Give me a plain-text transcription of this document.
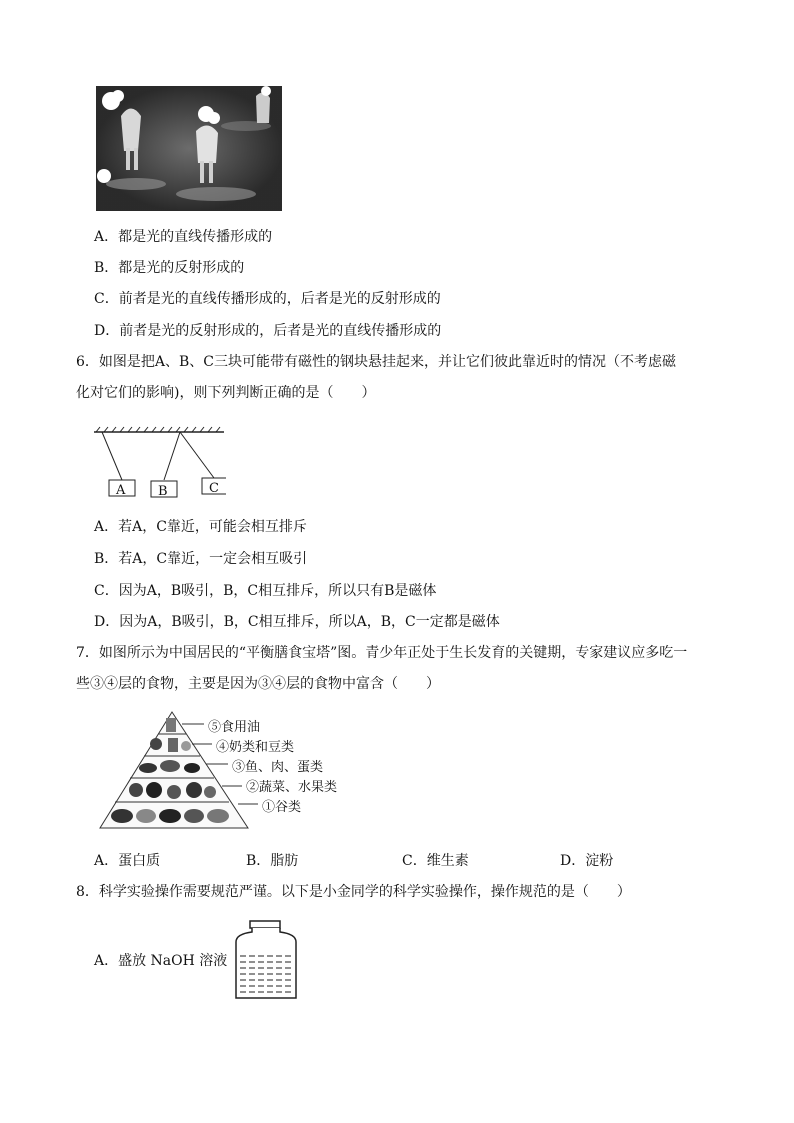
A．都是光的直线传播形成的
B．都是光的反射形成的
C．前者是光的直线传播形成的，后者是光的反射形成的
D．前者是光的反射形成的，后者是光的直线传播形成的
6．如图是把A、B、C三块可能带有磁性的钢块悬挂起来，并让它们彼此靠近时的情况（不考虑磁
化对它们的影响)，则下列判断正确的是（　　）
A	B	C
A．若A，C靠近，可能会相互排斥
B．若A，C靠近，一定会相互吸引
C．因为A，B吸引，B，C相互排斥，所以只有B是磁体
D．因为A，B吸引，B，C相互排斥，所以A，B，C一定都是磁体
7．如图所示为中国居民的“平衡膳食宝塔”图。青少年正处于生长发育的关键期，专家建议应多吃一
些③④层的食物，主要是因为③④层的食物中富含（　　）
⑤食用油
④奶类和豆类
③鱼、肉、蛋类
②蔬菜、水果类
①谷类
A．蛋白质	B．脂肪	C．维生素	D．淀粉
8．科学实验操作需要规范严谨。以下是小金同学的科学实验操作，操作规范的是（　　）
A．盛放 NaOH 溶液
